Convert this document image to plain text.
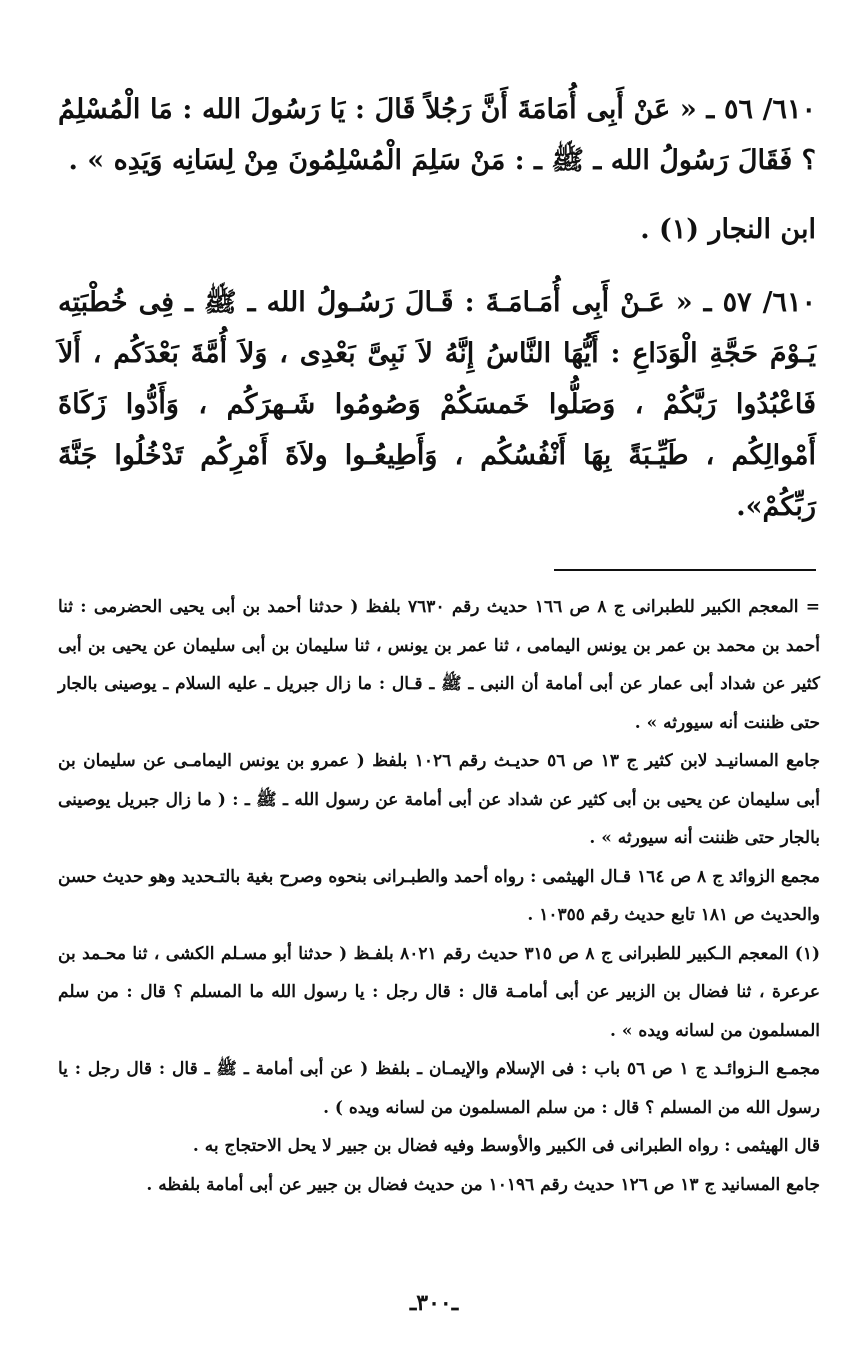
٦١٠/ ٥٦ ـ « عَنْ أَبِى أُمَامَةَ أَنَّ رَجُلاً قَالَ : يَا رَسُولَ الله : مَا الْمُسْلِمُ ؟ فَقَالَ رَسُولُ الله ـ ﷺ ـ : مَنْ سَلِمَ الْمُسْلِمُونَ مِنْ لِسَانِه وَيَدِه » .

ابن النجار (١) .

٦١٠/ ٥٧ ـ « عَـنْ أَبِى أُمَـامَـةَ : قَـالَ رَسُـولُ الله ـ ﷺ ـ فِى خُطْبَتِه يَـوْمَ حَجَّةِ الْوَدَاعِ : أَيُّهَا النَّاسُ إِنَّهُ لاَ نَبِىَّ بَعْدِى ، وَلاَ أُمَّةَ بَعْدَكُم ، أَلاَ فَاعْبُدُوا رَبَّكُمْ ، وَصَلُّوا خَمسَكُمْ وَصُومُوا شَـهرَكُم ، وَأَدُّوا زَكَاةَ أَمْوالِكُم ، طَيِّـبَةً بِهَا أَنْفُسُكُم ، وَأَطِيعُـوا ولاَةَ أَمْرِكُم تَدْخُلُوا جَنَّةَ رَبِّكُمْ».

= المعجم الكبير للطبرانى ج ٨ ص ١٦٦ حديث رقم ٧٦٣٠ بلفظ ( حدثنا أحمد بن أبى يحيى الحضرمى : ثنا أحمد بن محمد بن عمر بن يونس اليمامى ، ثنا عمر بن يونس ، ثنا سليمان بن أبى سليمان عن يحيى بن أبى كثير عن شداد أبى عمار عن أبى أمامة أن النبى ـ ﷺ ـ قـال : ما زال جبريل ـ عليه السلام ـ يوصينى بالجار حتى ظننت أنه سيورثه » .

جامع المسانيـد لابن كثير ج ١٣ ص ٥٦ حديـث رقم ١٠٢٦ بلفظ ( عمرو بن يونس اليمامـى عن سليمان بن أبى سليمان عن يحيى بن أبى كثير عن شداد عن أبى أمامة عن رسول الله ـ ﷺ ـ : ( ما زال جبريل يوصينى بالجار حتى ظننت أنه سيورثه » .

مجمع الزوائد ج ٨ ص ١٦٤ قـال الهيثمى : رواه أحمد والطبـرانى بنحوه وصرح بغية بالتـحديد وهو حديث حسن والحديث ص ١٨١ تابع حديث رقم ١٠٣٥٥ .

(١) المعجم الـكبير للطبرانى ج ٨ ص ٣١٥ حديث رقم ٨٠٢١ بلفـظ ( حدثنا أبو مسـلم الكشى ، ثنا محـمد بن عرعرة ، ثنا فضال بن الزبير عن أبى أمامـة قال : قال رجل : يا رسول الله ما المسلم ؟ قال : من سلم المسلمون من لسانه ويده » .

مجمـع الـزوائـد ج ١ ص ٥٦ باب : فى الإسلام والإيمـان ـ بلفظ ( عن أبى أمامة ـ ﷺ ـ قال : قال رجل : يا رسول الله من المسلم ؟ قال : من سلم المسلمون من لسانه ويده ) .

قال الهيثمى : رواه الطبرانى فى الكبير والأوسط وفيه فضال بن جبير لا يحل الاحتجاج به .

جامع المسانيد ج ١٣ ص ١٢٦ حديث رقم ١٠١٩٦ من حديث فضال بن جبير عن أبى أمامة بلفظه .

ـ٣٠٠ـ
